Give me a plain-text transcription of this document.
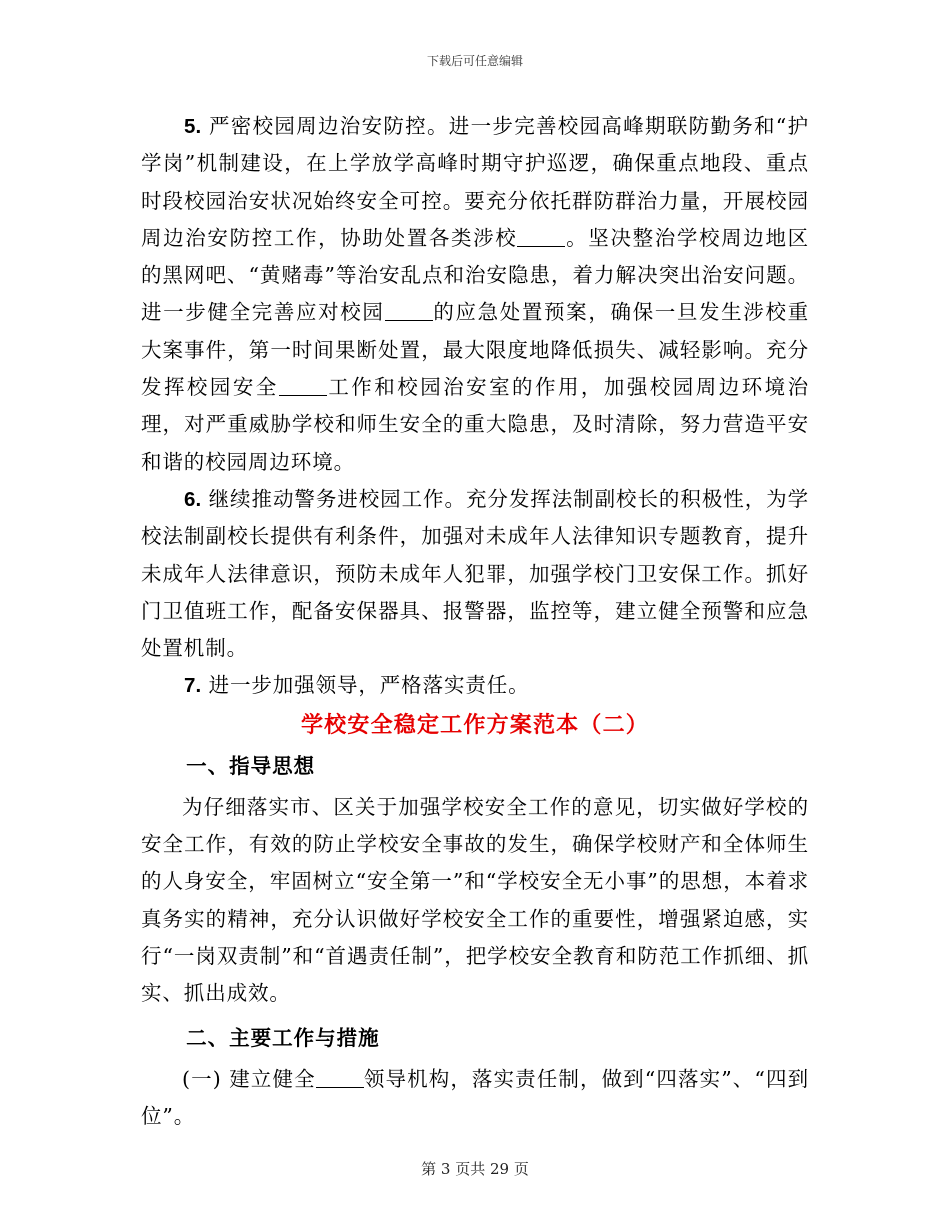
下载后可任意编辑

5. 严密校园周边治安防控。进一步完善校园高峰期联防勤务和“护学岗”机制建设，在上学放学高峰时期守护巡逻，确保重点地段、重点时段校园治安状况始终安全可控。要充分依托群防群治力量，开展校园周边治安防控工作，协助处置各类涉校 。坚决整治学校周边地区的黑网吧、“黄赌毒”等治安乱点和治安隐患，着力解决突出治安问题。进一步健全完善应对校园 的应急处置预案，确保一旦发生涉校重大案事件，第一时间果断处置，最大限度地降低损失、减轻影响。充分发挥校园安全 工作和校园治安室的作用，加强校园周边环境治理，对严重威胁学校和师生安全的重大隐患，及时清除，努力营造平安和谐的校园周边环境。

6. 继续推动警务进校园工作。充分发挥法制副校长的积极性，为学校法制副校长提供有利条件，加强对未成年人法律知识专题教育，提升未成年人法律意识，预防未成年人犯罪，加强学校门卫安保工作。抓好门卫值班工作，配备安保器具、报警器，监控等，建立健全预警和应急处置机制。

7. 进一步加强领导，严格落实责任。

学校安全稳定工作方案范本（二）
一、指导思想

为仔细落实市、区关于加强学校安全工作的意见，切实做好学校的安全工作，有效的防止学校安全事故的发生，确保学校财产和全体师生的人身安全，牢固树立“安全第一”和“学校安全无小事”的思想，本着求真务实的精神，充分认识做好学校安全工作的重要性，增强紧迫感，实行“一岗双责制”和“首遇责任制”，把学校安全教育和防范工作抓细、抓实、抓出成效。

二、主要工作与措施

(一) 建立健全 领导机构，落实责任制，做到“四落实”、“四到位”。

第 3 页共 29 页
